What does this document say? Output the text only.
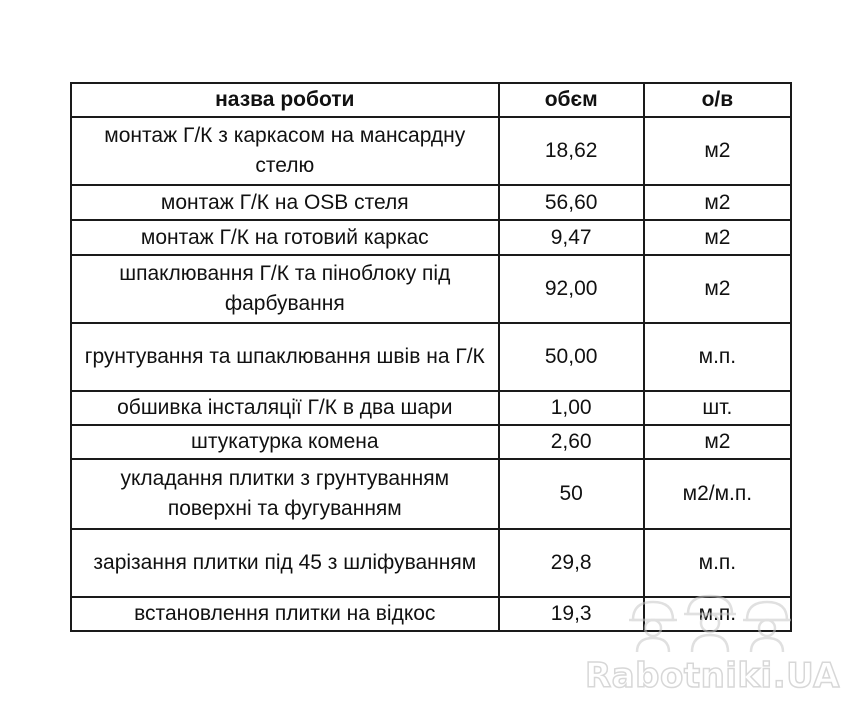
назва роботи	обєм	о/в
монтаж Г/К з каркасом на мансардну стелю	18,62	м2
монтаж Г/К на OSB стеля	56,60	м2
монтаж Г/К на готовий каркас	9,47	м2
шпаклювання Г/К та піноблоку під фарбування	92,00	м2
грунтування та шпаклювання швів на Г/К	50,00	м.п.
обшивка інсталяції Г/К в два шари	1,00	шт.
штукатурка комена	2,60	м2
укладання плитки з грунтуванням поверхні та фугуванням	50	м2/м.п.
зарізання плитки під 45 з шліфуванням	29,8	м.п.
встановлення плитки на відкос	19,3	м.п.
Rabotniki.UA
